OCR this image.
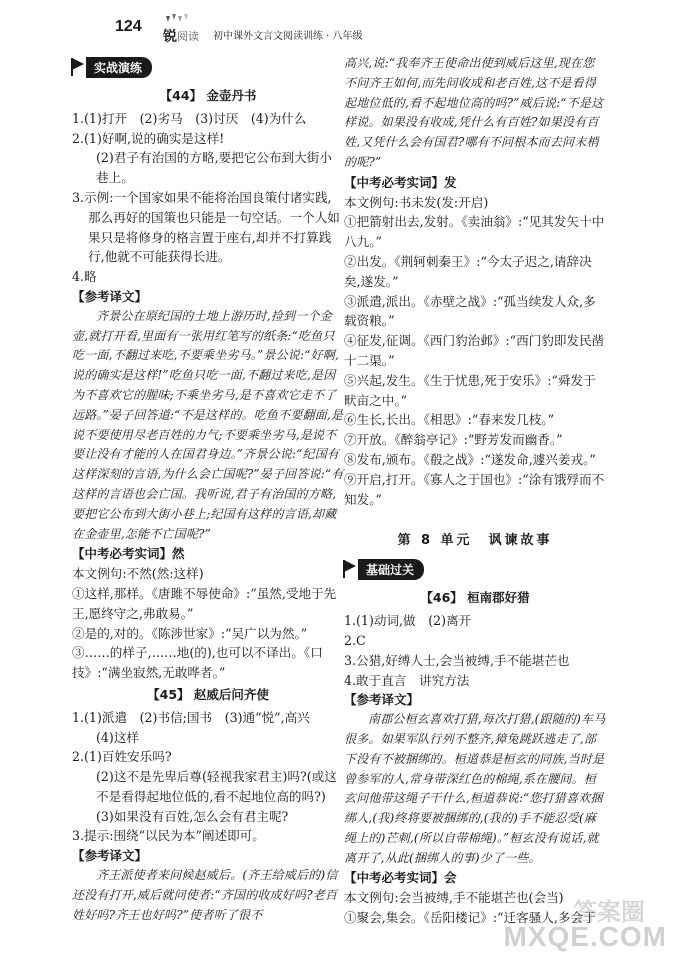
124
锐 阅读 初中课外文言文阅读训练 · 八年级
实战演练
【44】 金壶丹书
1.(1)打开　(2)劣马　(3)讨厌　(4)为什么
2.(1)好啊,说的确实是这样!
(2)君子有治国的方略,要把它公布到大街小巷上。
3.示例:一个国家如果不能将治国良策付诸实践,那么再好的国策也只能是一句空话。一个人如果只是将修身的格言置于座右,却并不打算践行,他就不可能获得长进。
4.略
【参考译文】

齐景公在原纪国的土地上游历时,捡到一个金壶,就打开看,里面有一张用红笔写的纸条:“吃鱼只吃一面,不翻过来吃,不要乘坐劣马。”景公说:“好啊,说的确实是这样!”吃鱼只吃一面,不翻过来吃,是因为不喜欢它的腥味;不乘坐劣马,是不喜欢它走不了远路。”晏子回答道:“不是这样的。吃鱼不要翻面,是说不要使用尽老百姓的力气;不要乘坐劣马,是说不要让没有才能的人在国君身边。”齐景公说:“纪国有这样深刻的言语,为什么会亡国呢?”晏子回答说:“有这样的言语也会亡国。我听说,君子有治国的方略,要把它公布到大街小巷上;纪国有这样的言语,却藏在金壶里,怎能不亡国呢?”

【中考必考实词】然
本文例句:不然(然:这样)
①这样,那样。《唐雎不辱使命》:“虽然,受地于先王,愿终守之,弗敢易。”
②是的,对的。《陈涉世家》:“吴广以为然。”
③……的样子,……地(的),也可以不译出。《口技》:“满坐寂然,无敢哗者。”
【45】 赵威后问齐使
1.(1)派遣　(2)书信;国书　(3)通“悦”,高兴
(4)这样
2.(1)百姓安乐吗?
(2)这不是先卑后尊(轻视我家君主)吗?(或这不是看得起地位低的,看不起地位高的吗?)
(3)如果没有百姓,怎么会有君主呢?
3.提示:围绕“以民为本”阐述即可。
【参考译文】

齐王派使者来问候赵威后。(齐王给威后的)信还没有打开,威后就问使者:“齐国的收成好吗?老百姓好吗?齐王也好吗?”使者听了很不

高兴,说:“我奉齐王使命出使到威后这里,现在您不问齐王如何,而先问收成和老百姓,这不是看得起地位低的,看不起地位高的吗?”威后说:“不是这样说。如果没有收成,凭什么有百姓?如果没有百姓,又凭什么会有国君?哪有不问根本而去问末梢的呢?”

【中考必考实词】发
本文例句:书未发(发:开启)
①把箭射出去,发射。《卖油翁》:“见其发矢十中八九。”
②出发。《荆轲刺秦王》:“今太子迟之,请辞决矣,遂发。”
③派遣,派出。《赤壁之战》:“孤当续发人众,多载资粮。”
④征发,征调。《西门豹治邺》:“西门豹即发民凿十二渠。”
⑤兴起,发生。《生于忧患,死于安乐》:“舜发于畎亩之中。”
⑥生长,长出。《相思》:“春来发几枝。”
⑦开放。《醉翁亭记》:“野芳发而幽香。”
⑧发布,颁布。《殽之战》:“遂发命,遽兴姜戎。”
⑨开启,打开。《寡人之于国也》:“涂有饿殍而不知发。”
第 8 单元　讽谏故事
基础过关
【46】 桓南郡好猎
1.(1)动词,做　(2)离开
2.C
3.公猎,好缚人士,会当被缚,手不能堪芒也
4.敢于直言　讲究方法
【参考译文】

南郡公桓玄喜欢打猎,每次打猎,(跟随的)车马很多。如果军队行列不整齐,獐兔跳跃逃走了,部下没有不被捆绑的。桓道恭是桓玄的同族,当时是曾参军的人,常身带深红色的棉绳,系在腰间。桓玄问他带这绳子干什么,桓道恭说:“您打猎喜欢捆绑人,(我)终将要被捆绑的,(我的)手不能忍受(麻绳上的)芒刺,(所以自带棉绳)。”桓玄没有说话,就离开了,从此(捆绑人的事)少了一些。

【中考必考实词】会
本文例句:会当被缚,手不能堪芒也(会当)
①聚会,集会。《岳阳楼记》:“迁客骚人,多会于
答案圈
MXQE.COM
